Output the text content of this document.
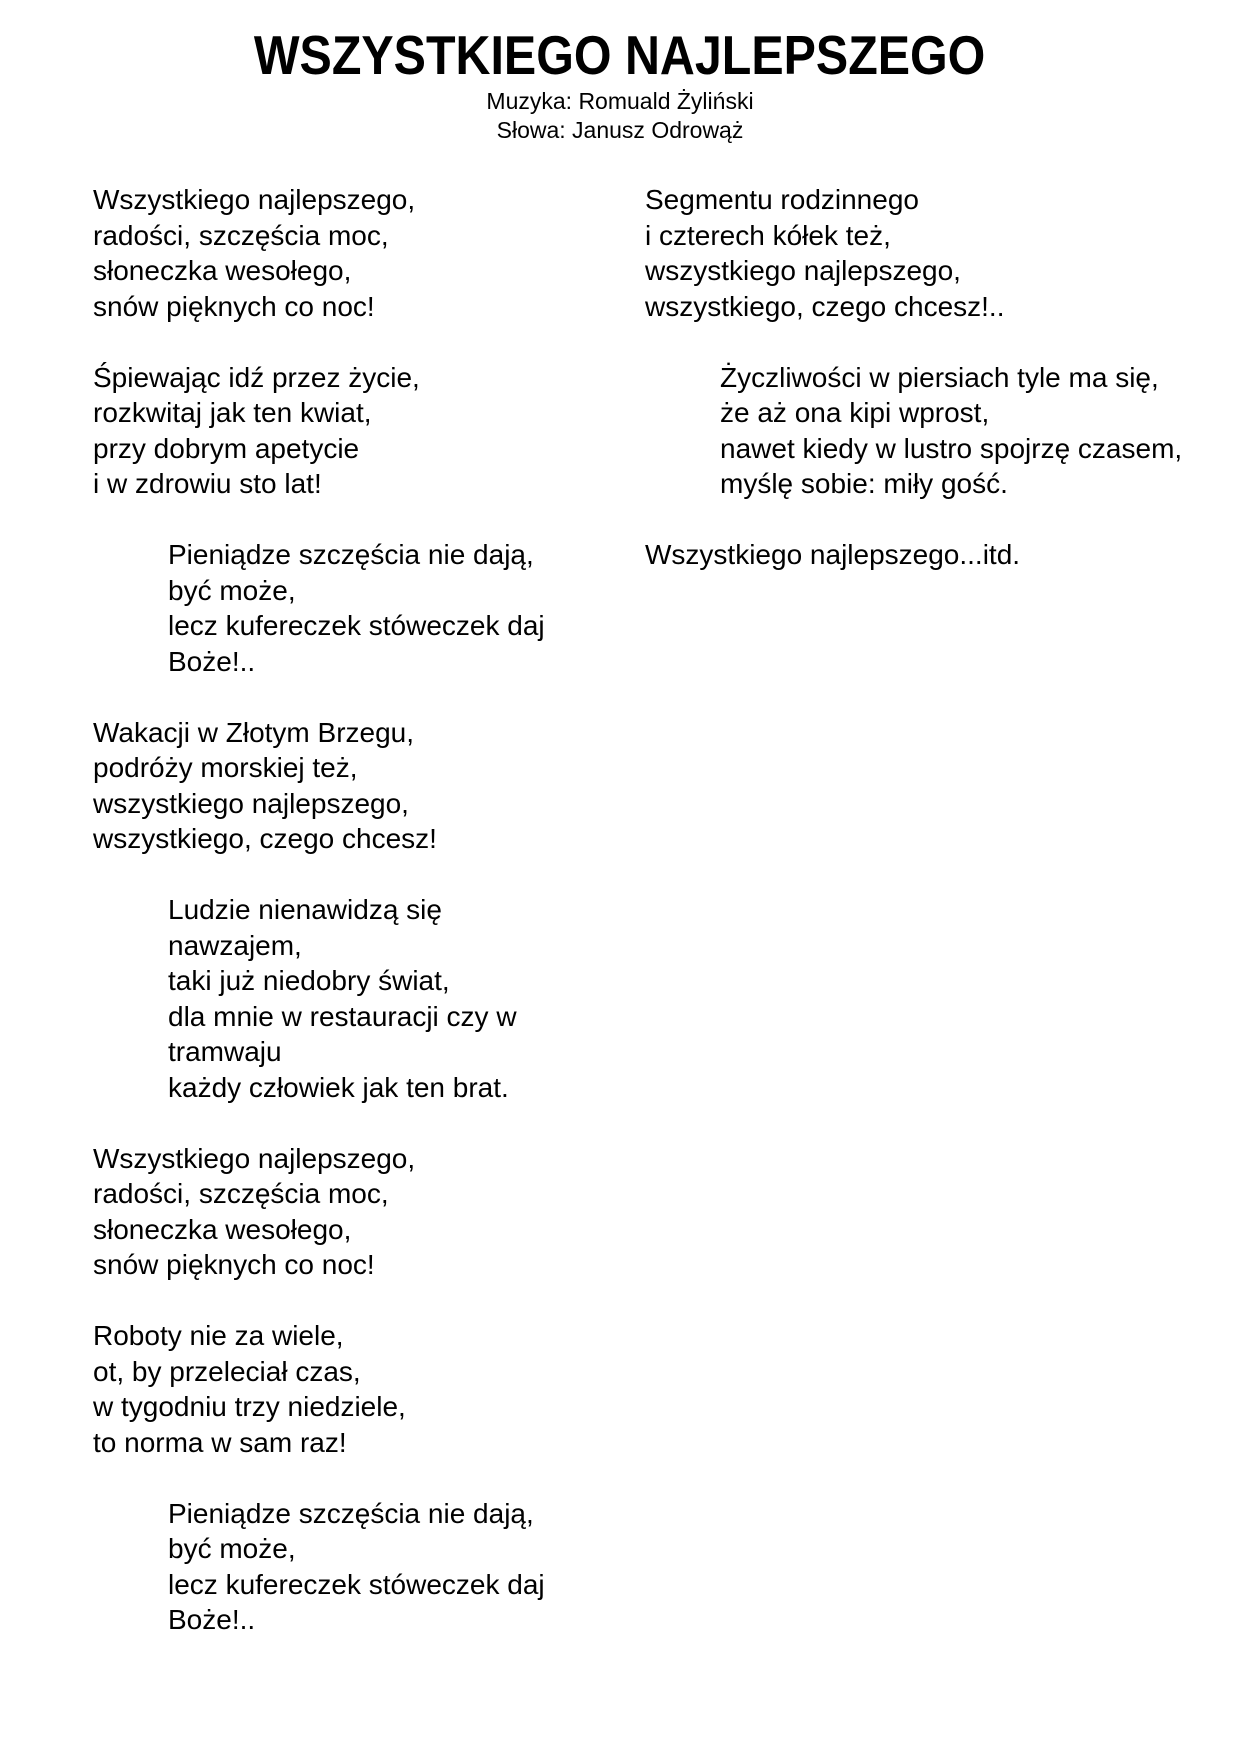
WSZYSTKIEGO NAJLEPSZEGO
Muzyka: Romuald Żyliński
Słowa: Janusz Odrowąż
Wszystkiego najlepszego,
radości, szczęścia moc,
słoneczka wesołego,
snów pięknych co noc!
Śpiewając idź przez życie,
rozkwitaj jak ten kwiat,
przy dobrym apetycie
i w zdrowiu sto lat!
Pieniądze szczęścia nie dają,
być może,
lecz kufereczek stóweczek daj
Boże!..
Wakacji w Złotym Brzegu,
podróży morskiej też,
wszystkiego najlepszego,
wszystkiego, czego chcesz!
Ludzie nienawidzą się
nawzajem,
taki już niedobry świat,
dla mnie w restauracji czy w
tramwaju
każdy człowiek jak ten brat.
Wszystkiego najlepszego,
radości, szczęścia moc,
słoneczka wesołego,
snów pięknych co noc!
Roboty nie za wiele,
ot, by przeleciał czas,
w tygodniu trzy niedziele,
to norma w sam raz!
Pieniądze szczęścia nie dają,
być może,
lecz kufereczek stóweczek daj
Boże!..
Segmentu rodzinnego
i czterech kółek też,
wszystkiego najlepszego,
wszystkiego, czego chcesz!..
Życzliwości w piersiach tyle ma się,
że aż ona kipi wprost,
nawet kiedy w lustro spojrzę czasem,
myślę sobie: miły gość.
Wszystkiego najlepszego...itd.
